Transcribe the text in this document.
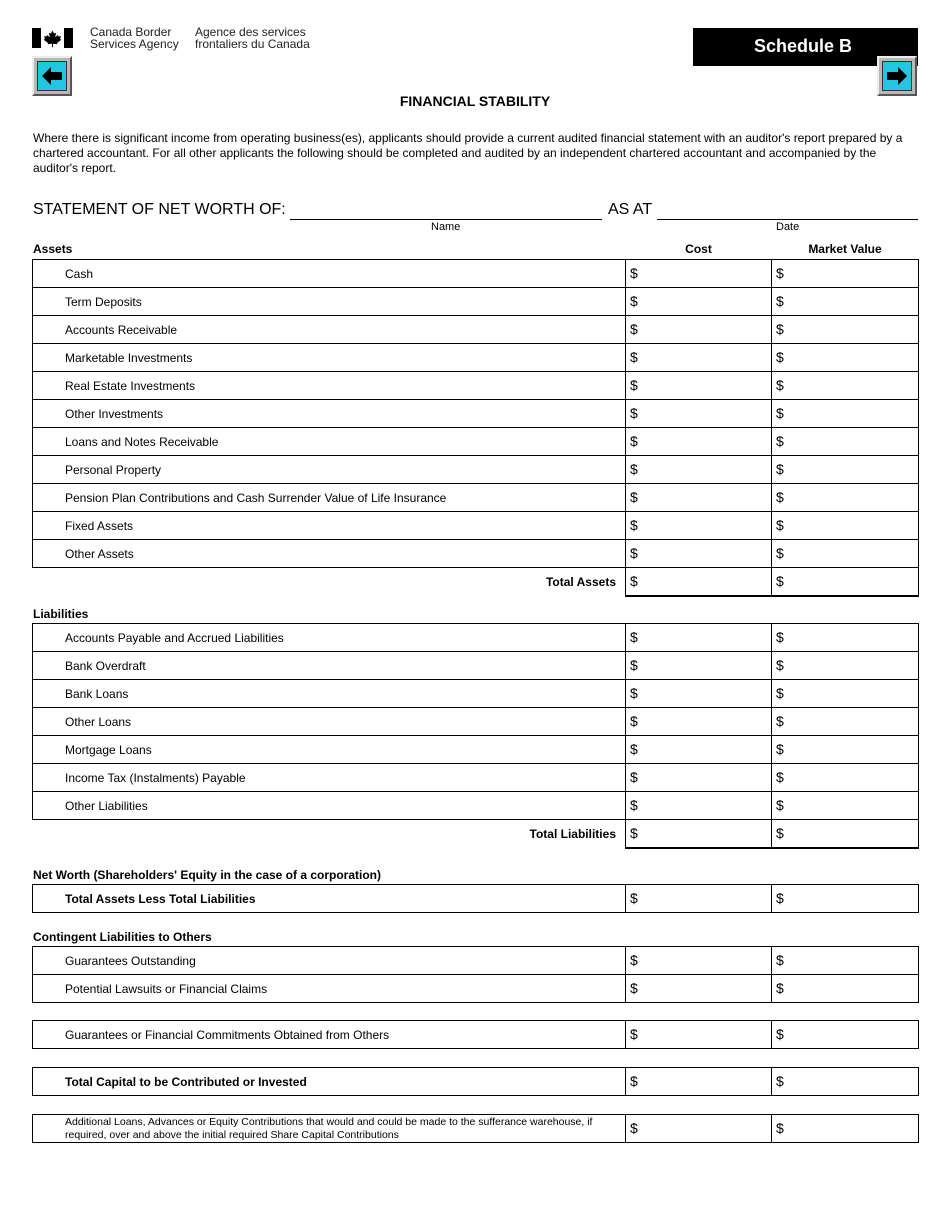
Canada Border
Services Agency
Agence des services
frontaliers du Canada	Schedule B
FINANCIAL STABILITY
Where there is significant income from operating business(es), applicants should provide a current audited financial statement with an auditor's report prepared by a chartered accountant. For all other applicants the following should be completed and audited by an independent chartered accountant and accompanied by the auditor's report.
STATEMENT OF NET WORTH OF:	AS AT
Name	Date
Assets	Cost	Market Value
Cash	$	$
Term Deposits	$	$
Accounts Receivable	$	$
Marketable Investments	$	$
Real Estate Investments	$	$
Other Investments	$	$
Loans and Notes Receivable	$	$
Personal Property	$	$
Pension Plan Contributions and Cash Surrender Value of Life Insurance	$	$
Fixed Assets	$	$
Other Assets	$	$
Total Assets	$	$
Liabilities
Accounts Payable and Accrued Liabilities	$	$
Bank Overdraft	$	$
Bank Loans	$	$
Other Loans	$	$
Mortgage Loans	$	$
Income Tax (Instalments) Payable	$	$
Other Liabilities	$	$
Total Liabilities	$	$
Net Worth (Shareholders' Equity in the case of a corporation)
Total Assets Less Total Liabilities	$	$
Contingent Liabilities to Others
Guarantees Outstanding	$	$
Potential Lawsuits or Financial Claims	$	$
Guarantees or Financial Commitments Obtained from Others	$	$
Total Capital to be Contributed or Invested	$	$
Additional Loans, Advances or Equity Contributions that would and could be made to the sufferance warehouse, if required, over and above the initial required Share Capital Contributions	$	$
